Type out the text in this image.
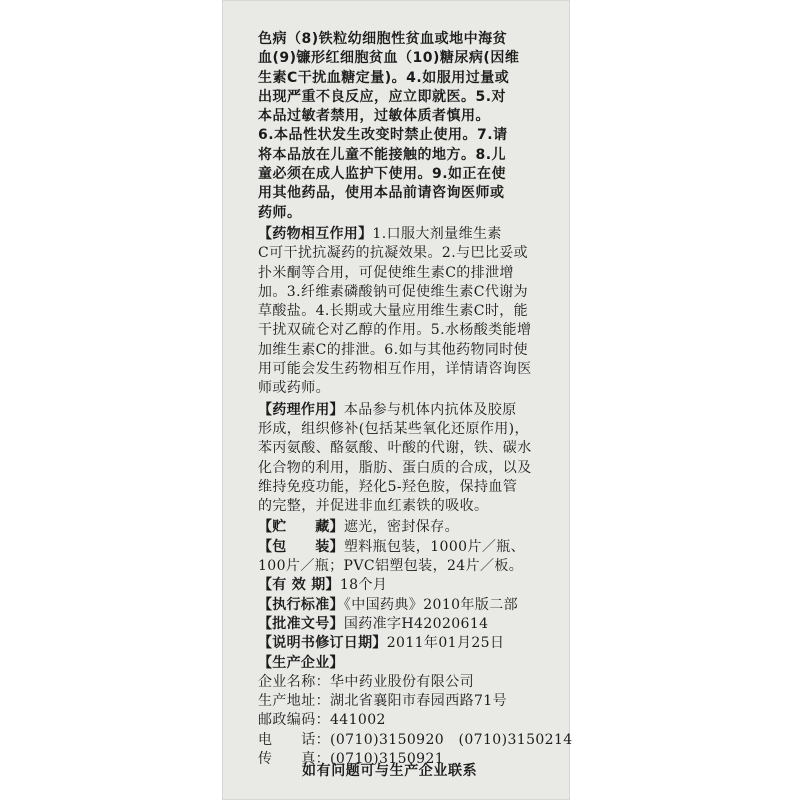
色病（8)铁粒幼细胞性贫血或地中海贫
血(9)镰形红细胞贫血（10)糖尿病(因维
生素C干扰血糖定量)。4.如服用过量或
出现严重不良反应，应立即就医。5.对
本品过敏者禁用，过敏体质者慎用。
6.本品性状发生改变时禁止使用。7.请
将本品放在儿童不能接触的地方。8.儿
童必须在成人监护下使用。9.如正在使
用其他药品，使用本品前请咨询医师或
药师。
【药物相互作用】1.口服大剂量维生素
C可干扰抗凝药的抗凝效果。2.与巴比妥或
扑米酮等合用，可促使维生素C的排泄增
加。3.纤维素磷酸钠可促使维生素C代谢为
草酸盐。4.长期或大量应用维生素C时，能
干扰双硫仑对乙醇的作用。5.水杨酸类能增
加维生素C的排泄。6.如与其他药物同时使
用可能会发生药物相互作用，详情请咨询医
师或药师。
【药理作用】本品参与机体内抗体及胶原
形成，组织修补(包括某些氧化还原作用)，
苯丙氨酸、酪氨酸、叶酸的代谢，铁、碳水
化合物的利用，脂肪、蛋白质的合成，以及
维持免疫功能，羟化5-羟色胺，保持血管
的完整，并促进非血红素铁的吸收。
【贮　　藏】遮光，密封保存。
【包　　装】塑料瓶包装，1000片／瓶、
100片／瓶；PVC铝塑包装，24片／板。
【有 效 期】18个月
【执行标准】《中国药典》2010年版二部
【批准文号】国药准字H42020614
【说明书修订日期】2011年01月25日
【生产企业】
企业名称：华中药业股份有限公司
生产地址：湖北省襄阳市春园西路71号
邮政编码：441002
电　　话：(0710)3150920　(0710)3150214
传　　真：(0710)3150921
如有问题可与生产企业联系
